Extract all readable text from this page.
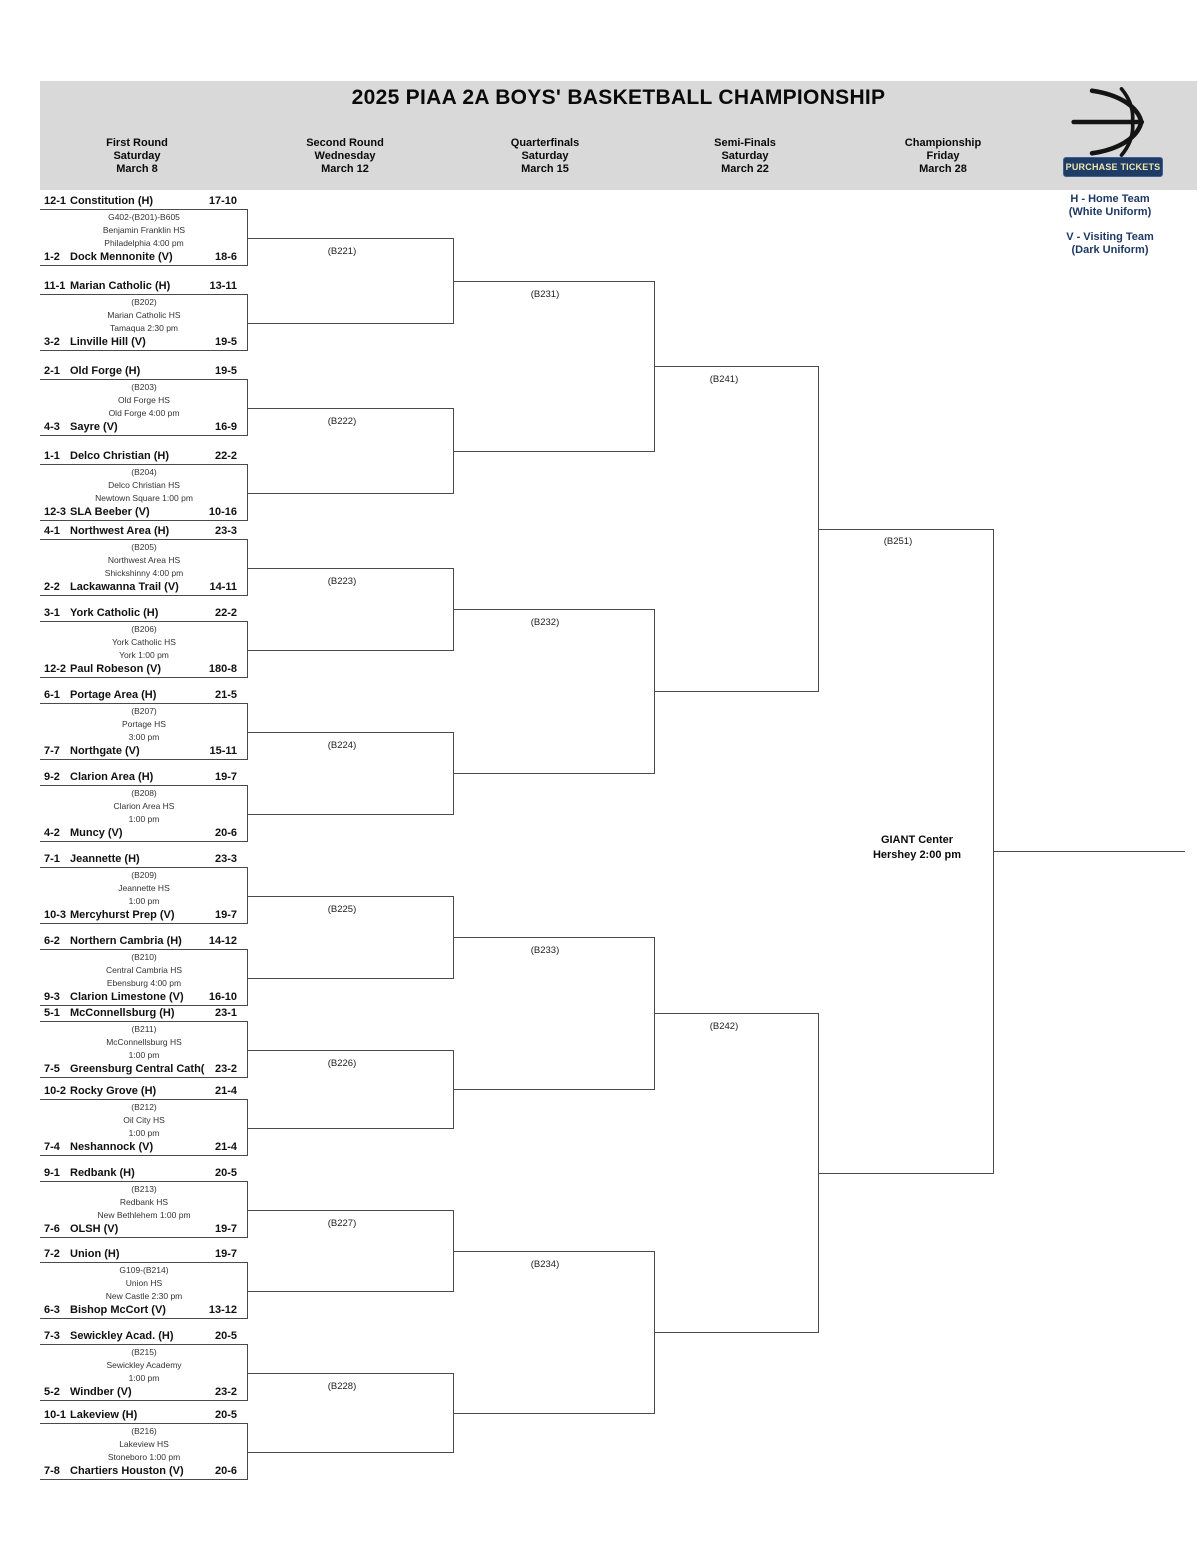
2025 PIAA 2A BOYS' BASKETBALL CHAMPIONSHIP
First Round
Saturday
March 8
Second Round
Wednesday
March 12
Quarterfinals
Saturday
March 15
Semi-Finals
Saturday
March 22
Championship
Friday
March 28	PURCHASE TICKETS
H - Home Team
(White Uniform)
V - Visiting Team
(Dark Uniform)
GIANT Center
Hershey 2:00 pm
12-1 Constitution (H)	17-10
G402-(B201)-B605
Benjamin Franklin HS
Philadelphia 4:00 pm
1-2 Dock Mennonite (V)	18-6
11-1 Marian Catholic (H)	13-11
(B202)
Marian Catholic HS
Tamaqua 2:30 pm
3-2 Linville Hill (V)	19-5
2-1 Old Forge (H)	19-5
(B203)
Old Forge HS
Old Forge 4:00 pm
4-3 Sayre (V)	16-9
1-1 Delco Christian (H)	22-2
(B204)
Delco Christian HS
Newtown Square 1:00 pm
12-3 SLA Beeber (V)	10-16
4-1 Northwest Area (H)	23-3
(B205)
Northwest Area HS
Shickshinny 4:00 pm
2-2 Lackawanna Trail (V)	14-11
3-1 York Catholic (H)	22-2
(B206)
York Catholic HS
York 1:00 pm
12-2 Paul Robeson (V)	180-8
6-1 Portage Area (H)	21-5
(B207)
Portage HS
3:00 pm
7-7 Northgate (V)	15-11
9-2 Clarion Area (H)	19-7
(B208)
Clarion Area HS
1:00 pm
4-2 Muncy (V)	20-6
7-1 Jeannette (H)	23-3
(B209)
Jeannette HS
1:00 pm
10-3 Mercyhurst Prep (V)	19-7
6-2 Northern Cambria (H)	14-12
(B210)
Central Cambria HS
Ebensburg 4:00 pm
9-3 Clarion Limestone (V)	16-10
5-1 McConnellsburg (H)	23-1
(B211)
McConnellsburg HS
1:00 pm
7-5 Greensburg Central Cath( 23-2
10-2 Rocky Grove (H)	21-4
(B212)
Oil City HS
1:00 pm
7-4 Neshannock (V)	21-4
9-1 Redbank (H)	20-5
(B213)
Redbank HS
New Bethlehem 1:00 pm
7-6 OLSH (V)	19-7
7-2 Union (H)	19-7
G109-(B214)
Union HS
New Castle 2:30 pm
6-3 Bishop McCort (V)	13-12
7-3 Sewickley Acad. (H)	20-5
(B215)
Sewickley Academy
1:00 pm
5-2 Windber (V)	23-2
10-1 Lakeview (H)	20-5
(B216)
Lakeview HS
Stoneboro 1:00 pm
7-8 Chartiers Houston (V)	20-6
(B221)
(B222)
(B223)
(B224)
(B225)
(B226)
(B227)
(B228)
(B231)
(B232)
(B233)
(B234)
(B241)
(B242)
(B251)
